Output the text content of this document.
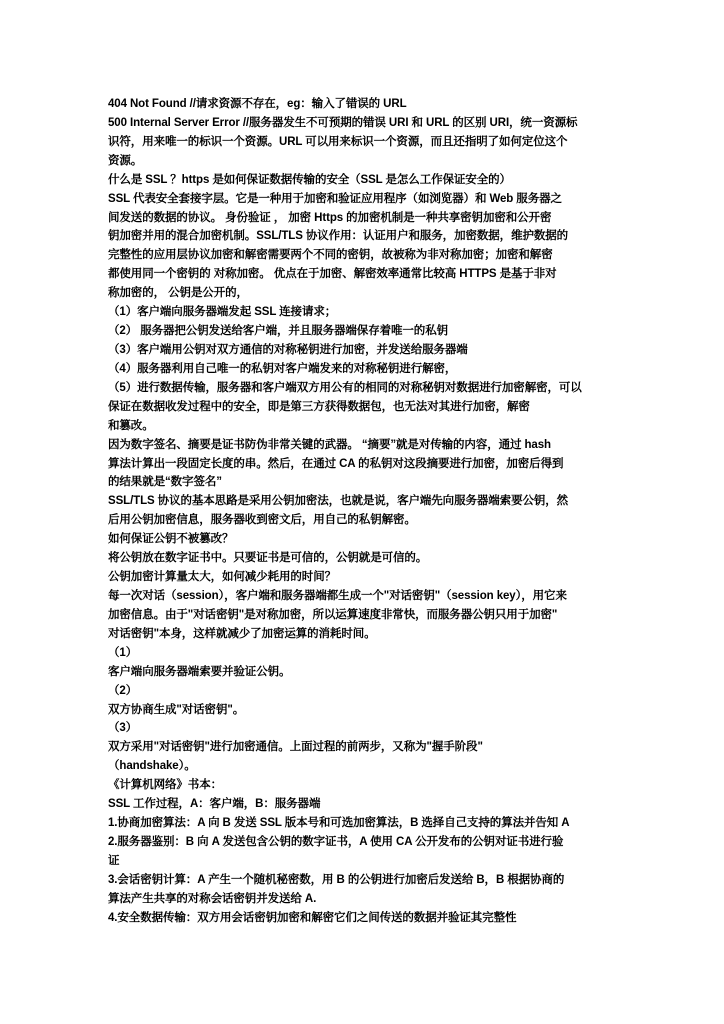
404 Not Found //请求资源不存在，eg：输入了错误的 URL
500 Internal Server Error //服务器发生不可预期的错误 URI 和 URL 的区别 URI，统一资源标
识符，用来唯一的标识一个资源。URL 可以用来标识一个资源，而且还指明了如何定位这个
资源。
什么是 SSL ？https 是如何保证数据传输的安全（SSL 是怎么工作保证安全的）
SSL 代表安全套接字层。它是一种用于加密和验证应用程序（如浏览器）和 Web 服务器之
间发送的数据的协议。 身份验证 ， 加密 Https 的加密机制是一种共享密钥加密和公开密
钥加密并用的混合加密机制。SSL/TLS 协议作用：认证用户和服务，加密数据，维护数据的
完整性的应用层协议加密和解密需要两个不同的密钥，故被称为非对称加密；加密和解密
都使用同一个密钥的 对称加密。 优点在于加密、解密效率通常比较高 HTTPS 是基于非对
称加密的， 公钥是公开的，
（1）客户端向服务器端发起 SSL 连接请求；
（2） 服务器把公钥发送给客户端，并且服务器端保存着唯一的私钥
（3）客户端用公钥对双方通信的对称秘钥进行加密，并发送给服务器端
（4）服务器利用自己唯一的私钥对客户端发来的对称秘钥进行解密，
（5）进行数据传输，服务器和客户端双方用公有的相同的对称秘钥对数据进行加密解密，可以
保证在数据收发过程中的安全，即是第三方获得数据包，也无法对其进行加密，解密
和篡改。
因为数字签名、摘要是证书防伪非常关键的武器。 “摘要”就是对传输的内容，通过 hash
算法计算出一段固定长度的串。然后，在通过 CA 的私钥对这段摘要进行加密，加密后得到
的结果就是“数字签名”
SSL/TLS 协议的基本思路是采用公钥加密法，也就是说，客户端先向服务器端索要公钥，然
后用公钥加密信息，服务器收到密文后，用自己的私钥解密。
如何保证公钥不被篡改？
将公钥放在数字证书中。只要证书是可信的，公钥就是可信的。
公钥加密计算量太大，如何减少耗用的时间？
每一次对话（session），客户端和服务器端都生成一个"对话密钥"（session key），用它来
加密信息。由于"对话密钥"是对称加密，所以运算速度非常快，而服务器公钥只用于加密"
对话密钥"本身，这样就减少了加密运算的消耗时间。
（1）
客户端向服务器端索要并验证公钥。
（2）
双方协商生成"对话密钥"。
（3）
双方采用"对话密钥"进行加密通信。上面过程的前两步，又称为"握手阶段"
（handshake）。
《计算机网络》书本：
SSL 工作过程，A：客户端，B：服务器端
1.协商加密算法：A 向 B 发送 SSL 版本号和可选加密算法，B 选择自己支持的算法并告知 A
2.服务器鉴别：B 向 A 发送包含公钥的数字证书，A 使用 CA 公开发布的公钥对证书进行验
证
3.会话密钥计算：A 产生一个随机秘密数，用 B 的公钥进行加密后发送给 B，B 根据协商的
算法产生共享的对称会话密钥并发送给 A.
4.安全数据传输：双方用会话密钥加密和解密它们之间传送的数据并验证其完整性
